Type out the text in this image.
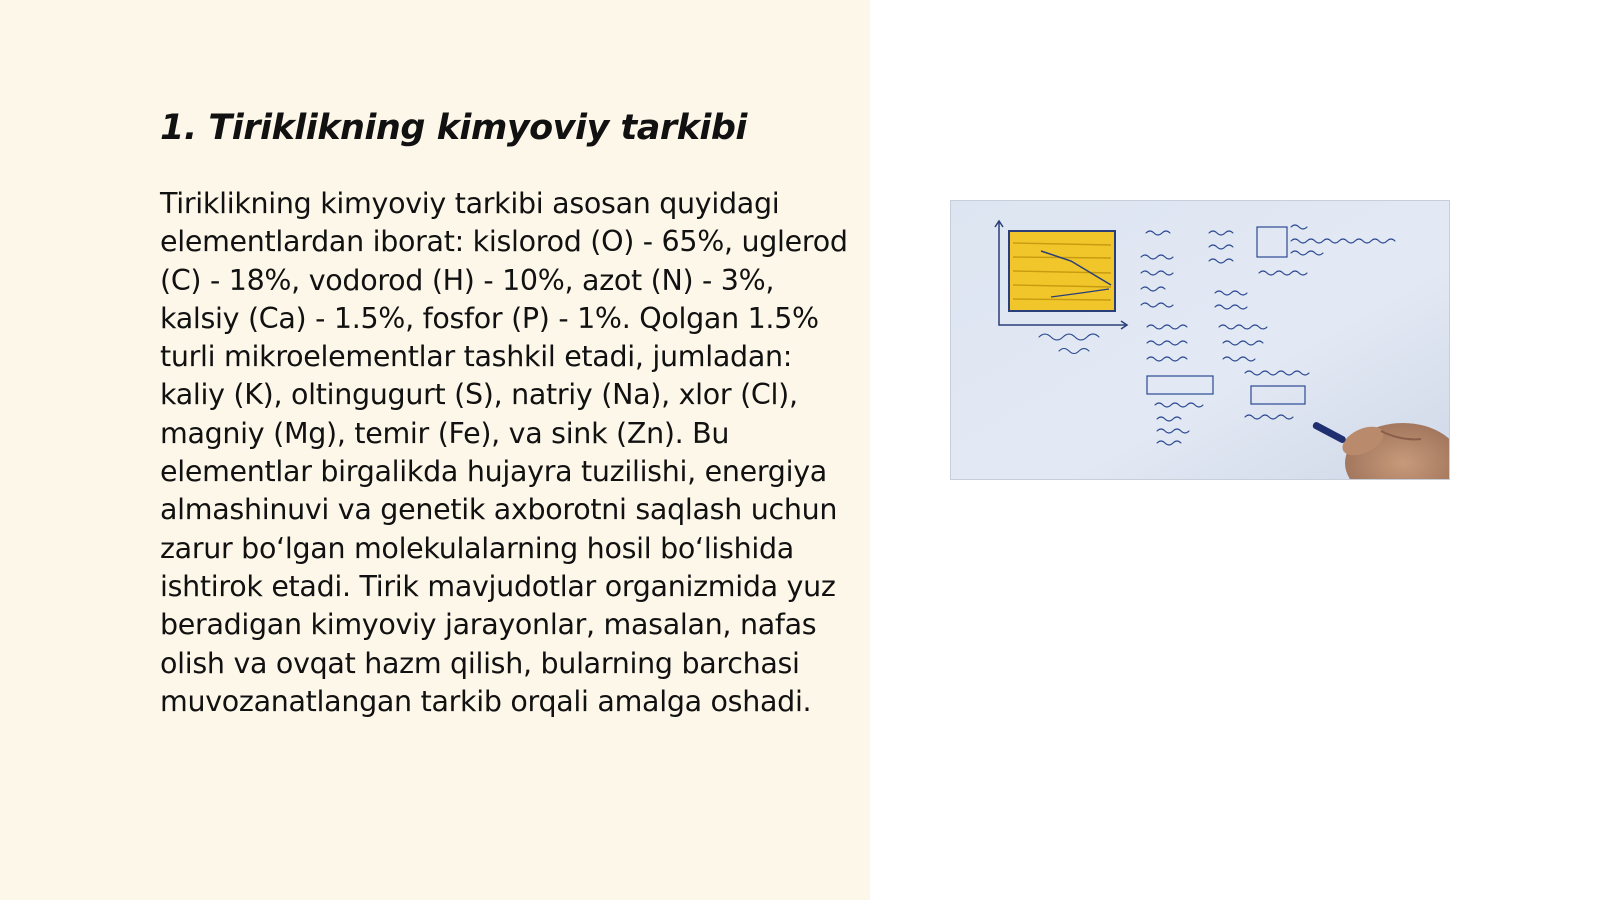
1. Tiriklikning kimyoviy tarkibi

Tiriklikning kimyoviy tarkibi asosan quyidagi elementlardan iborat: kislorod (O) - 65%, uglerod (C) - 18%, vodorod (H) - 10%, azot (N) - 3%, kalsiy (Ca) - 1.5%, fosfor (P) - 1%. Qolgan 1.5% turli mikroelementlar tashkil etadi, jumladan: kaliy (K), oltingugurt (S), natriy (Na), xlor (Cl), magniy (Mg), temir (Fe), va sink (Zn). Bu elementlar birgalikda hujayra tuzilishi, energiya almashinuvi va genetik axborotni saqlash uchun zarur bo‘lgan molekulalarning hosil bo‘lishida ishtirok etadi. Tirik mavjudotlar organizmida yuz beradigan kimyoviy jarayonlar, masalan, nafas olish va ovqat hazm qilish, bularning barchasi muvozanatlangan tarkib orqali amalga oshadi.
